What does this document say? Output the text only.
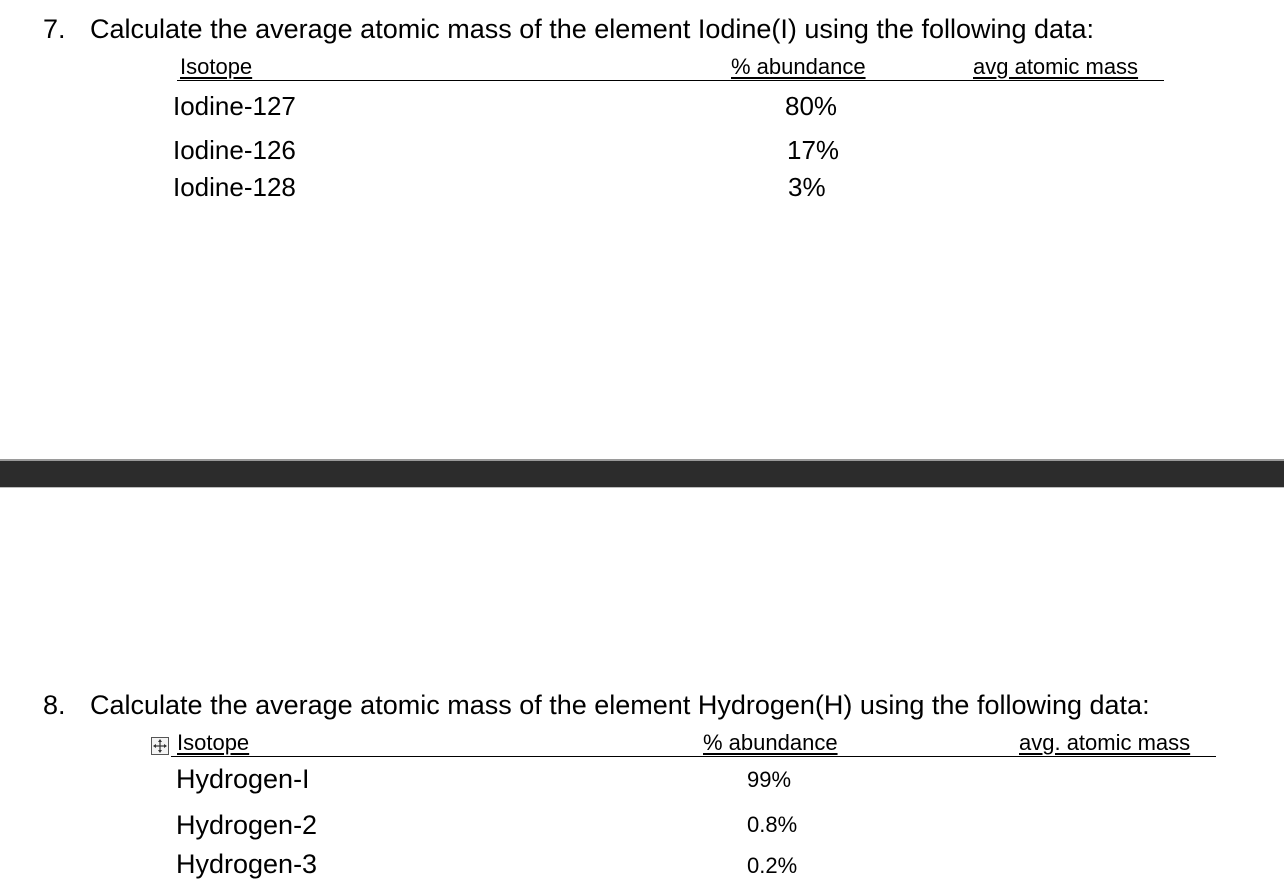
7. Calculate the average atomic mass of the element Iodine(I) using the following data:
Isotope	% abundance	avg atomic mass
Iodine-127	80%
Iodine-126	17%
Iodine-128	3%
8. Calculate the average atomic mass of the element Hydrogen(H) using the following data:
Isotope	% abundance	avg. atomic mass
Hydrogen-I	99%
Hydrogen-2	0.8%
Hydrogen-3	0.2%
